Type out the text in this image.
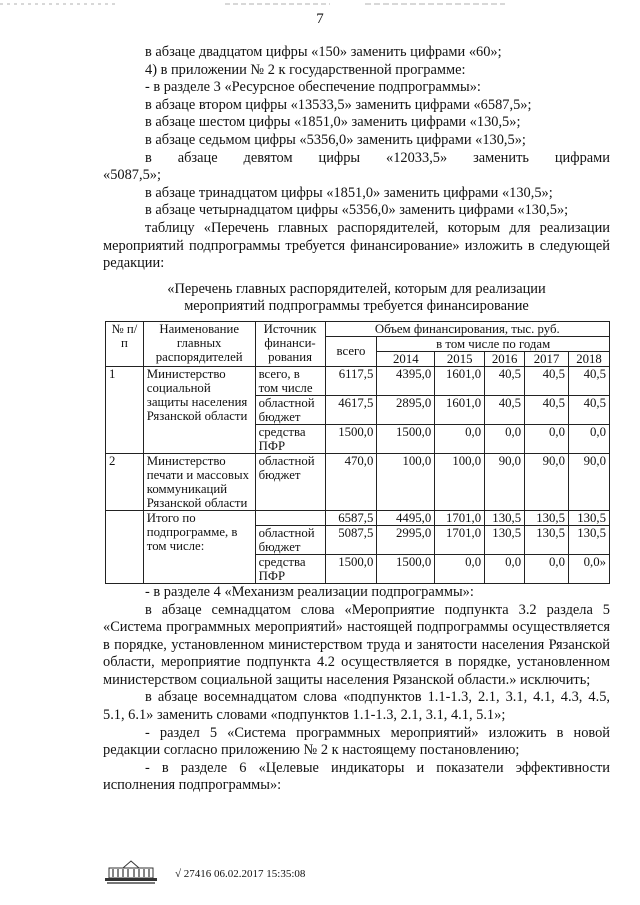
7

в абзаце двадцатом цифры «150» заменить цифрами «60»;

4) в приложении № 2 к государственной программе:

- в разделе 3 «Ресурсное обеспечение подпрограммы»:

в абзаце втором цифры «13533,5» заменить цифрами «6587,5»;

в абзаце шестом цифры «1851,0» заменить цифрами «130,5»;

в абзаце седьмом цифры «5356,0» заменить цифрами «130,5»;

в абзаце девятом цифры «12033,5» заменить цифрами

«5087,5»;

в абзаце тринадцатом цифры «1851,0» заменить цифрами «130,5»;

в абзаце четырнадцатом цифры «5356,0» заменить цифрами «130,5»;

таблицу «Перечень главных распорядителей, которым для реализации мероприятий подпрограммы требуется финансирование» изложить в следующей редакции:

«Перечень главных распорядителей, которым для реализации
мероприятий подпрограммы требуется финансирование
№ п/п	Наименование главных распорядителей	Источник финанси-рования	Объем финансирования, тыс. руб.					
			всего	в том числе по годам				
				2014	2015	2016	2017	2018
1	Министерство социальной защиты населения Рязанской области	всего, в том числе	6117,5	4395,0	1601,0	40,5	40,5	40,5
		областной бюджет	4617,5	2895,0	1601,0	40,5	40,5	40,5
		средства ПФР	1500,0	1500,0	0,0	0,0	0,0	0,0
2	Министерство печати и массовых коммуникаций Рязанской области	областной бюджет	470,0	100,0	100,0	90,0	90,0	90,0
	Итого по подпрограмме, в том числе:		6587,5	4495,0	1701,0	130,5	130,5	130,5
		областной бюджет	5087,5	2995,0	1701,0	130,5	130,5	130,5
		средства ПФР	1500,0	1500,0	0,0	0,0	0,0	0,0»

- в разделе 4 «Механизм реализации подпрограммы»:

в абзаце семнадцатом слова «Мероприятие подпункта 3.2 раздела 5 «Система программных мероприятий» настоящей подпрограммы осуществляется в порядке, установленном министерством труда и занятости населения Рязанской области, мероприятие подпункта 4.2 осуществляется в порядке, установленном министерством социальной защиты населения Рязанской области.» исключить;

в абзаце восемнадцатом слова «подпунктов 1.1-1.3, 2.1, 3.1, 4.1, 4.3, 4.5, 5.1, 6.1» заменить словами «подпунктов 1.1-1.3, 2.1, 3.1, 4.1, 5.1»;

- раздел 5 «Система программных мероприятий» изложить в новой редакции согласно приложению № 2 к настоящему постановлению;

- в разделе 6 «Целевые индикаторы и показатели эффективности исполнения подпрограммы»:

√ 27416 06.02.2017 15:35:08
